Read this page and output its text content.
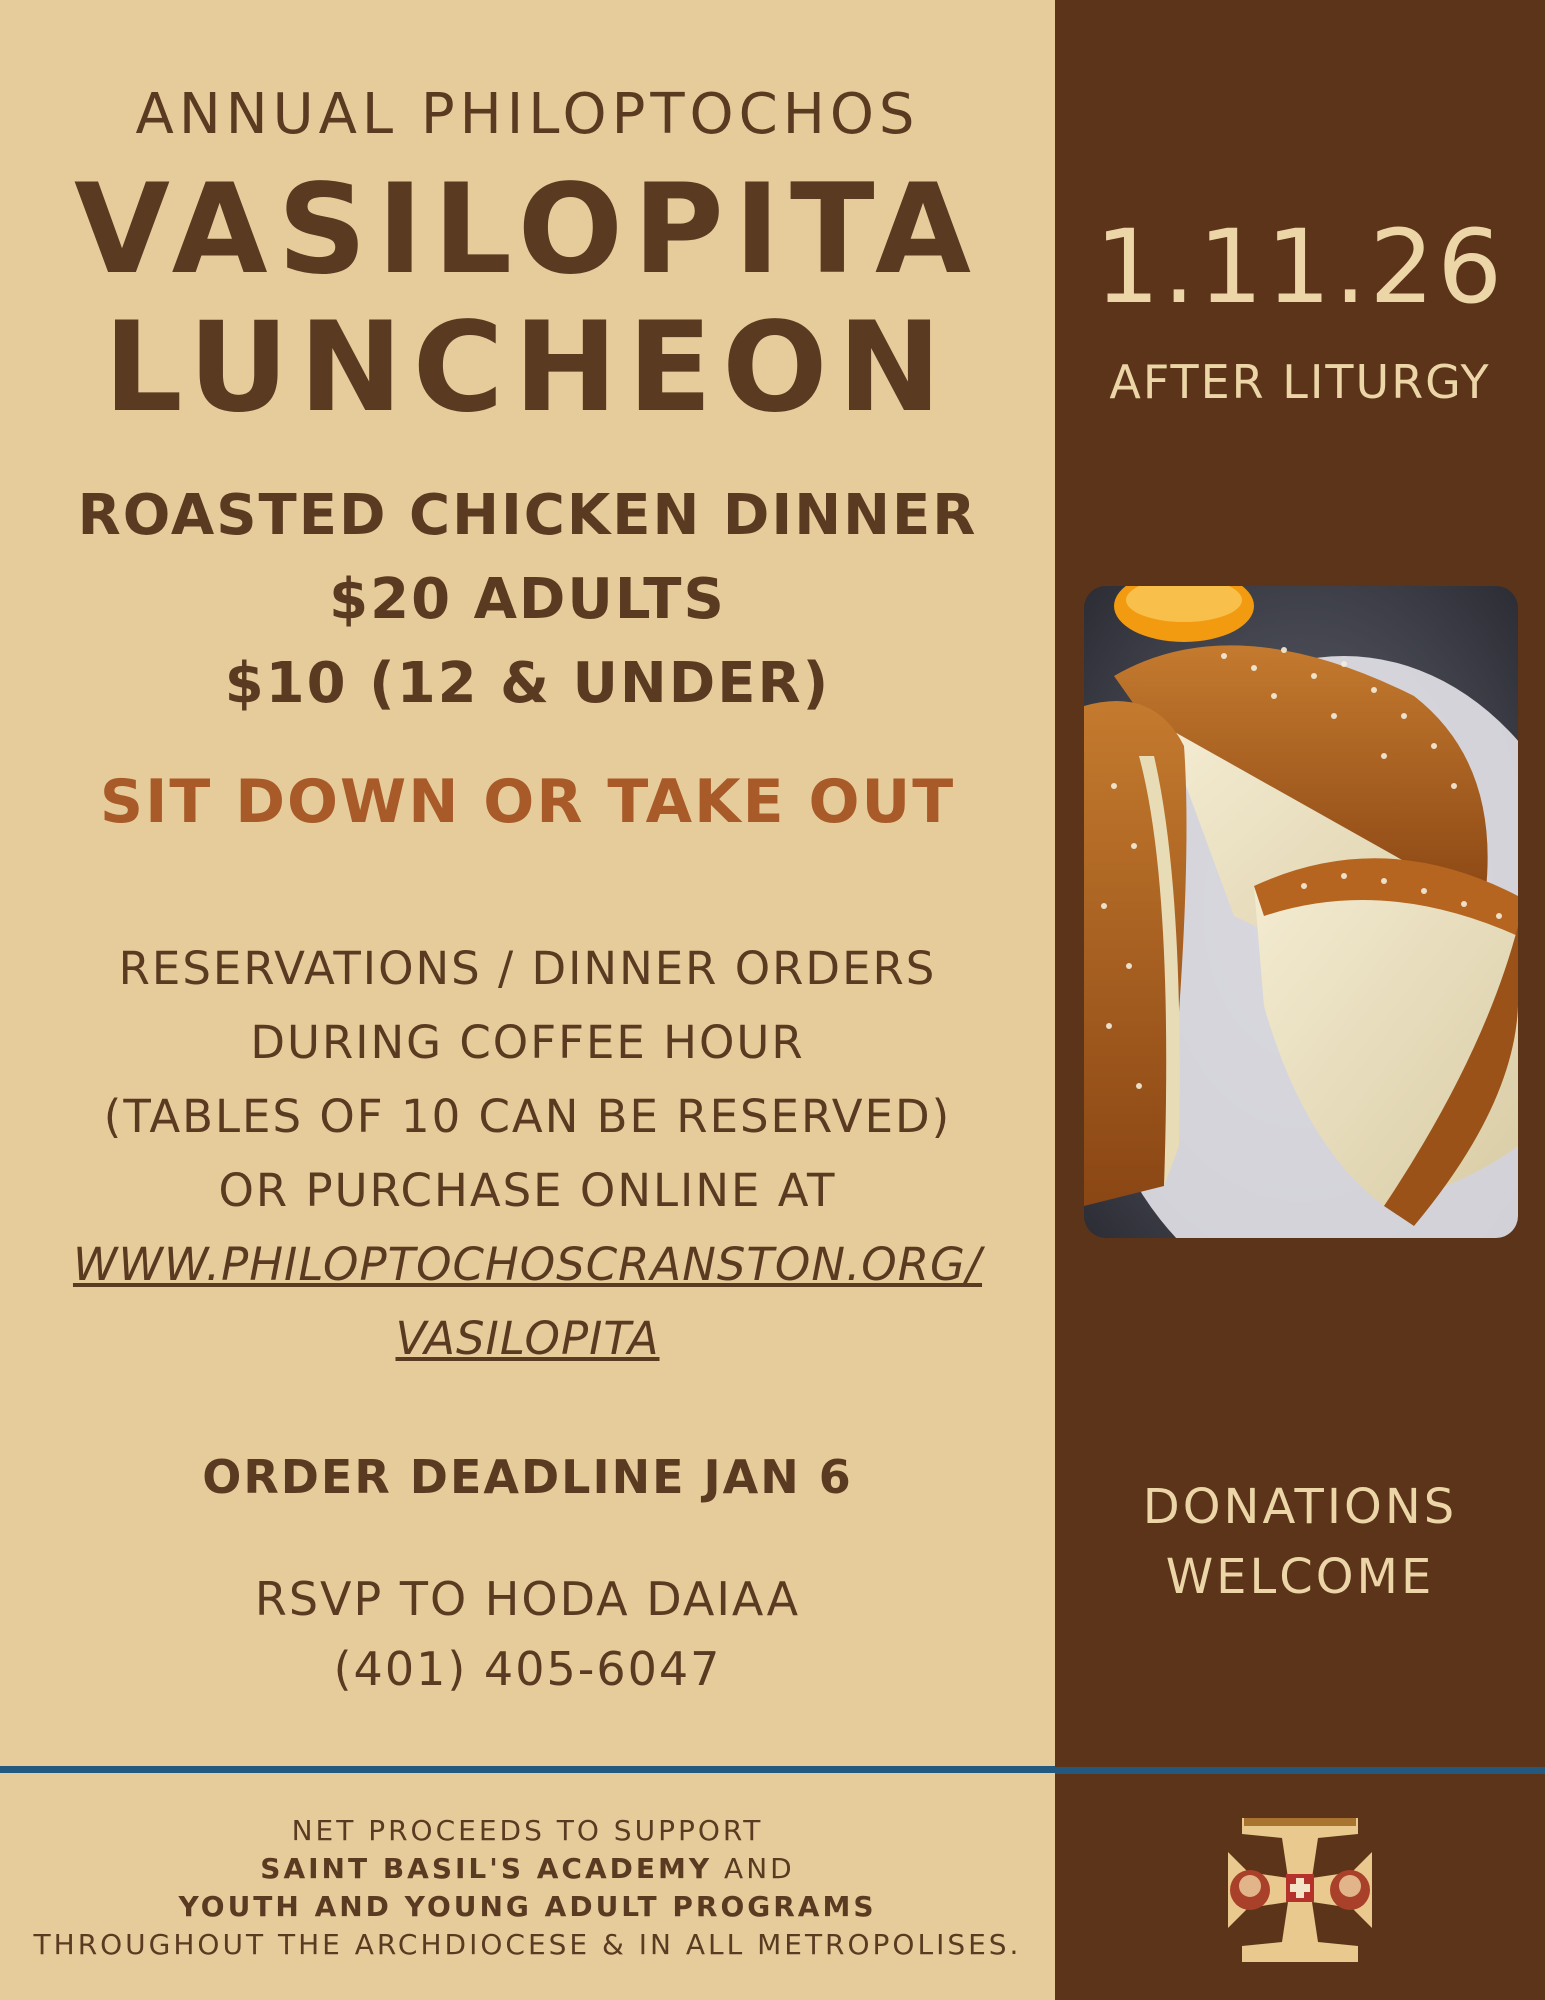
ANNUAL PHILOPTOCHOS
VASILOPITA
LUNCHEON
ROASTED CHICKEN DINNER
$20 ADULTS
$10 (12 & UNDER)
SIT DOWN OR TAKE OUT
RESERVATIONS / DINNER ORDERS
DURING COFFEE HOUR
(TABLES OF 10 CAN BE RESERVED)
OR PURCHASE ONLINE AT
WWW.PHILOPTOCHOSCRANSTON.ORG/
VASILOPITA
ORDER DEADLINE JAN 6
RSVP TO HODA DAIAA
(401) 405-6047
NET PROCEEDS TO SUPPORT
SAINT BASIL'S ACADEMY AND
YOUTH AND YOUNG ADULT PROGRAMS
THROUGHOUT THE ARCHDIOCESE & IN ALL METROPOLISES.
1.11.26
AFTER LITURGY
DONATIONS
WELCOME
